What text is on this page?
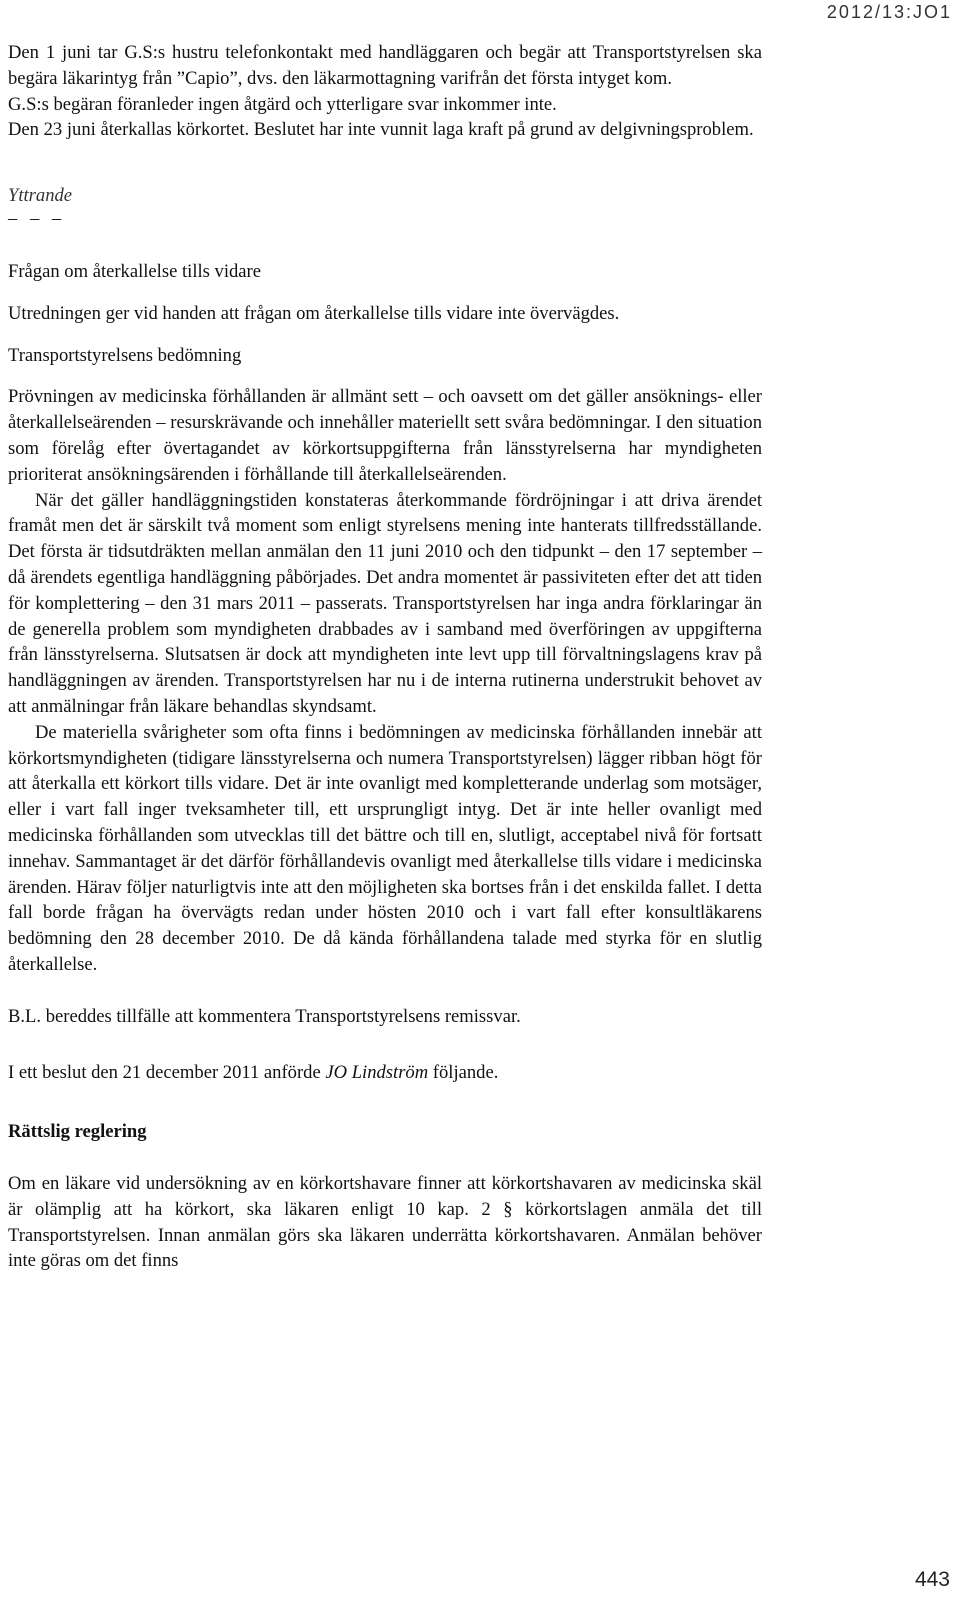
2012/13:JO1

Den 1 juni tar G.S:s hustru telefonkontakt med handläggaren och begär att Transportstyrelsen ska begära läkarintyg från ”Capio”, dvs. den läkarmottagning varifrån det första intyget kom.

G.S:s begäran föranleder ingen åtgärd och ytterligare svar inkommer inte.

Den 23 juni återkallas körkortet. Beslutet har inte vunnit laga kraft på grund av delgivningsproblem.

Yttrande

– – –

Frågan om återkallelse tills vidare

Utredningen ger vid handen att frågan om återkallelse tills vidare inte övervägdes.

Transportstyrelsens bedömning

Prövningen av medicinska förhållanden är allmänt sett – och oavsett om det gäller ansöknings- eller återkallelseärenden – resurskrävande och innehåller materiellt sett svåra bedömningar. I den situation som förelåg efter övertagandet av körkortsuppgifterna från länsstyrelserna har myndigheten prioriterat ansökningsärenden i förhållande till återkallelseärenden.

När det gäller handläggningstiden konstateras återkommande fördröjningar i att driva ärendet framåt men det är särskilt två moment som enligt styrelsens mening inte hanterats tillfredsställande. Det första är tidsutdräkten mellan anmälan den 11 juni 2010 och den tidpunkt – den 17 september – då ärendets egentliga handläggning påbörjades. Det andra momentet är passiviteten efter det att tiden för komplettering – den 31 mars 2011 – passerats. Transportstyrelsen har inga andra förklaringar än de generella problem som myndigheten drabbades av i samband med överföringen av uppgifterna från länsstyrelserna. Slutsatsen är dock att myndigheten inte levt upp till förvaltningslagens krav på handläggningen av ärenden. Transportstyrelsen har nu i de interna rutinerna understrukit behovet av att anmälningar från läkare behandlas skyndsamt.

De materiella svårigheter som ofta finns i bedömningen av medicinska förhållanden innebär att körkortsmyndigheten (tidigare länsstyrelserna och numera Transportstyrelsen) lägger ribban högt för att återkalla ett körkort tills vidare. Det är inte ovanligt med kompletterande underlag som motsäger, eller i vart fall inger tveksamheter till, ett ursprungligt intyg. Det är inte heller ovanligt med medicinska förhållanden som utvecklas till det bättre och till en, slutligt, acceptabel nivå för fortsatt innehav. Sammantaget är det därför förhållandevis ovanligt med återkallelse tills vidare i medicinska ärenden. Härav följer naturligtvis inte att den möjligheten ska bortses från i det enskilda fallet. I detta fall borde frågan ha övervägts redan under hösten 2010 och i vart fall efter konsultläkarens bedömning den 28 december 2010. De då kända förhållandena talade med styrka för en slutlig återkallelse.

B.L. bereddes tillfälle att kommentera Transportstyrelsens remissvar.

I ett beslut den 21 december 2011 anförde JO Lindström följande.

Rättslig reglering

Om en läkare vid undersökning av en körkortshavare finner att körkortshavaren av medicinska skäl är olämplig att ha körkort, ska läkaren enligt 10 kap. 2 § körkortslagen anmäla det till Transportstyrelsen. Innan anmälan görs ska läkaren underrätta körkortshavaren. Anmälan behöver inte göras om det finns

443
